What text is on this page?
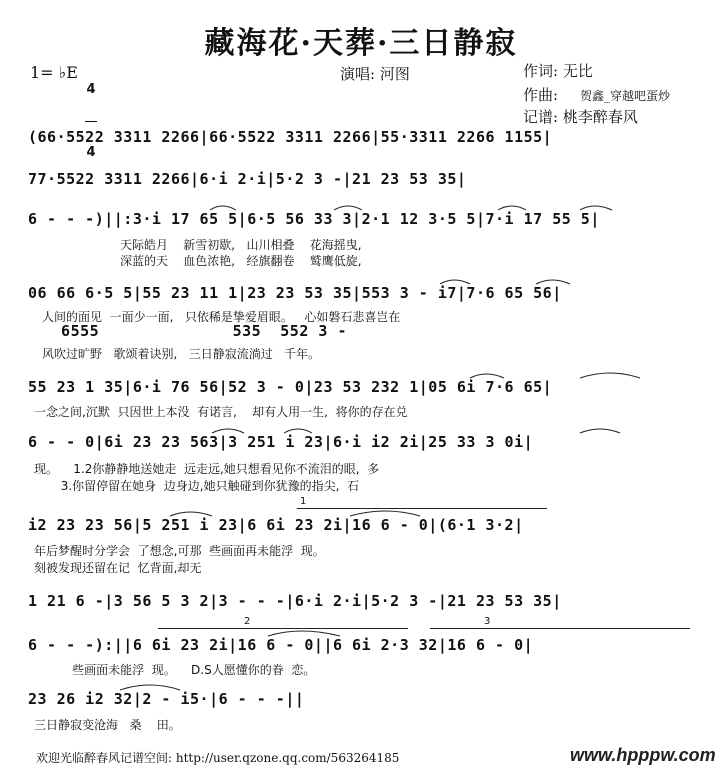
藏海花·天葬·三日静寂
1= ♭E

4

4

演唱: 河图	作词: 无比
作曲: 贺鑫_穿越吧蛋炒
记谱: 桃李醉春风
(66·5522 3311 2266|66·5522 3311 2266|55·3311 2266 1155|
77·5522 3311 2266|6·i 2·i|5·2 3 -|21 23 53 35|
6 - - -)||:3·i 17 65 5|6·5 56 33 3|2·1 12 3·5 5|7·i 17 55 5|
天际皓月    新雪初歇,   山川相叠    花海摇曳,
深蓝的天    血色浓艳,   经旗翻卷    鹫鹰低旋,
06 66 6·5 5|55 23 11 1|23 23 53 35|553 3 - i7|7·6 65 56|
人间的面见  一面少一面,   只依稀是挚爱眉眼。   心如磐石悲喜岂在
6555              535  552 3 -
风吹过旷野   歌颂着诀别,   三日静寂流淌过   千年。
55 23 1 35|6·i 76 56|52 3 - 0|23 53 232 1|05 6i 7·6 65|
一念之间,沉默  只因世上本没  有诺言,    却有人用一生,  将你的存在兑
6 - - 0|6i 23 23 563|3 251 i 23|6·i i2 2i|25 33 3 0i|
现。    1.2你静静地送她走  远走远,她只想看见你不流泪的眼,  多
3.你留停留在她身  边身边,她只触碰到你犹豫的指尖,  石
i2 23 23 56|5 251 i 23|6 6i 23 2i|16 6 - 0|(6·1 3·2|
年后梦醒时分学会  了想念,可那  些画面再未能浮  现。
刻被发现还留在记  忆背面,却无
1 21 6 -|3 56 5 3 2|3 - - -|6·i 2·i|5·2 3 -|21 23 53 35|
6 - - -):||6 6i 23 2i|16 6 - 0||6 6i 2·3 32|16 6 - 0|
些画面未能浮  现。    D.S人愿懂你的眷  恋。
23 26 i2 32|2 - i5·|6 - - -||
三日静寂变沧海   桑    田。
1
2	3
欢迎光临醉春风记谱空间: http://user.qzone.qq.com/563264185	www.hpppw.com
